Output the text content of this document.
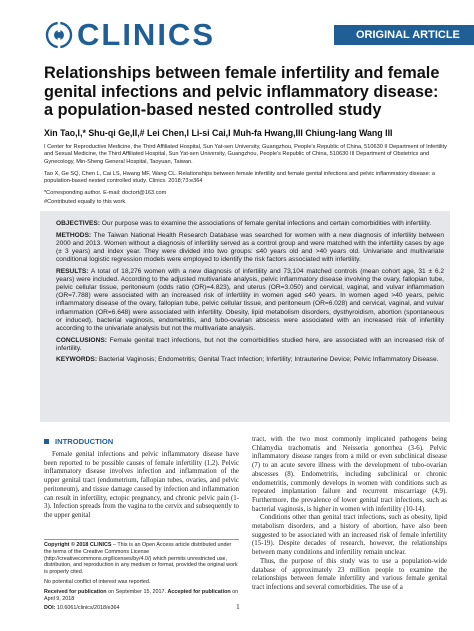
CLINICS	ORIGINAL ARTICLE
Relationships between female infertility and female genital infections and pelvic inflammatory disease: a population-based nested controlled study
Xin Tao,I,* Shu-qi Ge,II,# Lei Chen,I Li-si Cai,I Muh-fa Hwang,III Chiung-lang Wang III
I Center for Reproductive Medicine, the Third Affiliated Hospital, Sun Yat-sen University, Guangzhou, People's Republic of China, 510630 II Department of Infertility and Sexual Medicine, the Third Affiliated Hospital, Sun Yat-sen University, Guangzhou, People's Republic of China, 510630 III Department of Obstetrics and Gynecology, Min-Sheng General Hospital, Taoyuan, Taiwan.
Tao X, Ge SQ, Chen L, Cai LS, Hwang MF, Wang CL. Relationships between female infertility and female genital infections and pelvic inflammatory disease: a population-based nested controlled study. Clinics. 2018;73:e364
*Corresponding author. E-mail: doctort@163.com
#Contributed equally to this work.

OBJECTIVES: Our purpose was to examine the associations of female genital infections and certain comorbidities with infertility.

METHODS: The Taiwan National Health Research Database was searched for women with a new diagnosis of infertility between 2000 and 2013. Women without a diagnosis of infertility served as a control group and were matched with the infertility cases by age (± 3 years) and index year. They were divided into two groups: ≤40 years old and >40 years old. Univariate and multivariate conditional logistic regression models were employed to identify the risk factors associated with infertility.

RESULTS: A total of 18,276 women with a new diagnosis of infertility and 73,104 matched controls (mean cohort age, 31 ± 6.2 years) were included. According to the adjusted multivariate analysis, pelvic inflammatory disease involving the ovary, fallopian tube, pelvic cellular tissue, peritoneum (odds ratio (OR)=4.823), and uterus (OR=3.050) and cervical, vaginal, and vulvar inflammation (OR=7.788) were associated with an increased risk of infertility in women aged ≤40 years. In women aged >40 years, pelvic inflammatory disease of the ovary, fallopian tube, pelvic cellular tissue, and peritoneum (OR=6.028) and cervical, vaginal, and vulvar inflammation (OR=6.648) were associated with infertility. Obesity, lipid metabolism disorders, dysthyroidism, abortion (spontaneous or induced), bacterial vaginosis, endometritis, and tubo-ovarian abscess were associated with an increased risk of infertility according to the univariate analysis but not the multivariate analysis.

CONCLUSIONS: Female genital tract infections, but not the comorbidities studied here, are associated with an increased risk of infertility.

KEYWORDS: Bacterial Vaginosis; Endometritis; Genital Tract Infection; Infertility; Intrauterine Device; Pelvic Inflammatory Disease.

INTRODUCTION

Female genital infections and pelvic inflammatory disease have been reported to be possible causes of female infertility (1,2). Pelvic inflammatory disease involves infection and inflammation of the upper genital tract (endometrium, fallopian tubes, ovaries, and pelvic peritoneum), and tissue damage caused by infection and inflammation can result in infertility, ectopic pregnancy, and chronic pelvic pain (1-3). Infection spreads from the vagina to the cervix and subsequently to the upper genital

Copyright © 2018 CLINICS – This is an Open Access article distributed under the terms of the Creative Commons License (http://creativecommons.org/licenses/by/4.0/) which permits unrestricted use, distribution, and reproduction in any medium or format, provided the original work is properly cited.

No potential conflict of interest was reported.

Received for publication on September 15, 2017. Accepted for publication on April 9, 2018

DOI: 10.6061/clinics/2018/e364

tract, with the two most commonly implicated pathogens being Chlamydia trachomatis and Neisseria gonorrhea (3-6). Pelvic inflammatory disease ranges from a mild or even subclinical disease (7) to an acute severe illness with the development of tubo-ovarian abscesses (8). Endometritis, including subclinical or chronic endometritis, commonly develops in women with conditions such as repeated implantation failure and recurrent miscarriage (4,9). Furthermore, the prevalence of lower genital tract infections, such as bacterial vaginosis, is higher in women with infertility (10-14).

Conditions other than genital tract infections, such as obesity, lipid metabolism disorders, and a history of abortion, have also been suggested to be associated with an increased risk of female infertility (15-19). Despite decades of research, however, the relationships between many conditions and infertility remain unclear.

Thus, the purpose of this study was to use a population-wide database of approximately 23 million people to examine the relationships between female infertility and various female genital tract infections and several comorbidities. The use of a

1
